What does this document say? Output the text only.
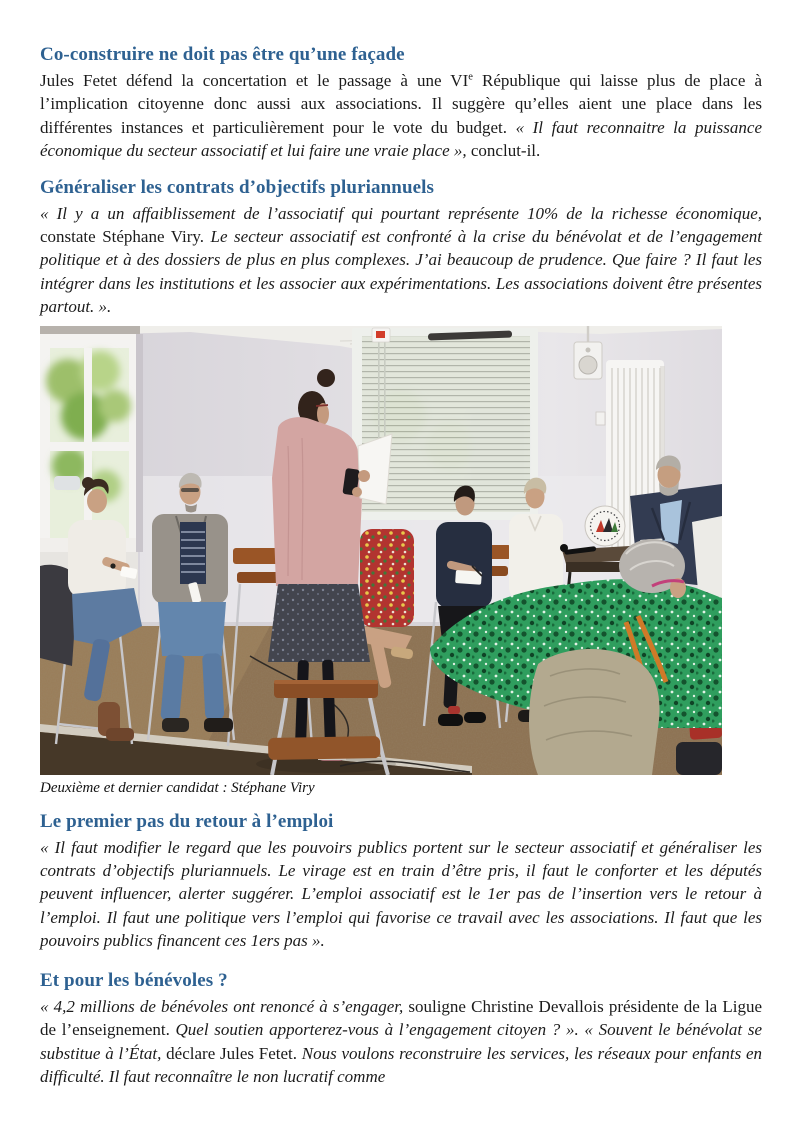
Co-construire ne doit pas être qu’une façade

Jules Fetet défend la concertation et le passage à une VIe République qui laisse plus de place à l’implication citoyenne donc aussi aux associations. Il suggère qu’elles aient une place dans les différentes instances et particulièrement pour le vote du budget. « Il faut reconnaitre la puissance économique du secteur associatif et lui faire une vraie place », conclut-il.

Généraliser les contrats d’objectifs pluriannuels

« Il y a un affaiblissement de l’associatif qui pourtant représente 10% de la richesse économique, constate Stéphane Viry. Le secteur associatif est confronté à la crise du bénévolat et de l’engagement politique et à des dossiers de plus en plus complexes. J’ai beaucoup de prudence. Que faire ? Il faut les intégrer dans les institutions et les associer aux expérimentations. Les associations doivent être présentes partout. ».

Deuxième et dernier candidat : Stéphane Viry
Le premier pas du retour à l’emploi

« Il faut modifier le regard que les pouvoirs publics portent sur le secteur associatif et généraliser les contrats d’objectifs pluriannuels. Le virage est en train d’être pris, il faut le conforter et les députés peuvent influencer, alerter suggérer. L’emploi associatif est le 1er pas de l’insertion vers le retour à l’emploi. Il faut une politique vers l’emploi qui favorise ce travail avec les associations. Il faut que les pouvoirs publics financent ces 1ers pas ».

Et pour les bénévoles ?

« 4,2 millions de bénévoles ont renoncé à s’engager, souligne Christine Devallois présidente de la Ligue de l’enseignement. Quel soutien apporterez-vous à l’engagement citoyen ? ». « Souvent le bénévolat se substitue à l’État, déclare Jules Fetet. Nous voulons reconstruire les services, les réseaux pour enfants en difficulté. Il faut reconnaître le non lucratif comme
